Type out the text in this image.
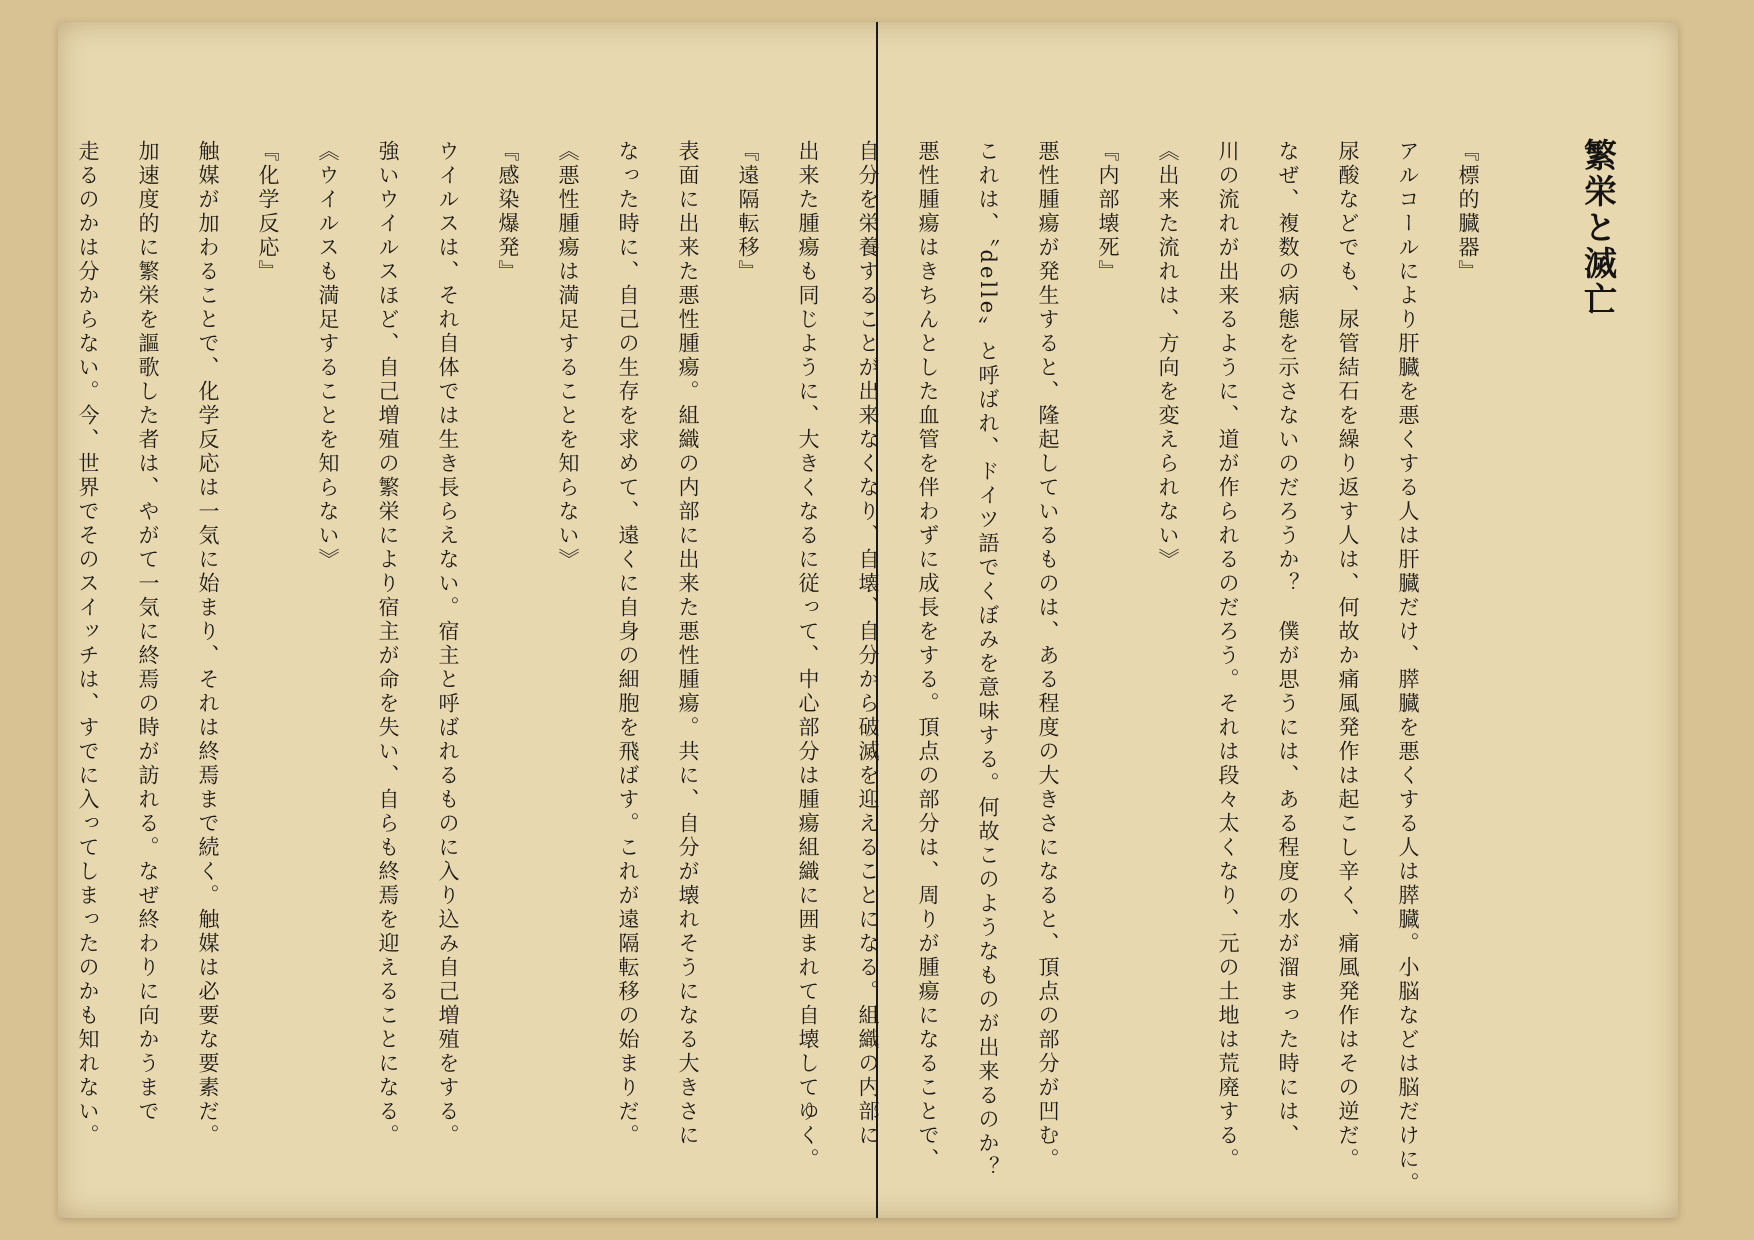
繁栄と滅亡
『標的臓器』
アルコールにより肝臓を悪くする人は肝臓だけ、膵臓を悪くする人は膵臓。小脳などは脳だけに。
尿酸などでも、尿管結石を繰り返す人は、何故か痛風発作は起こし辛く、痛風発作はその逆だ。
なぜ、複数の病態を示さないのだろうか？　僕が思うには、ある程度の水が溜まった時には、
川の流れが出来るように、道が作られるのだろう。それは段々太くなり、元の土地は荒廃する。
《出来た流れは、方向を変えられない》
『内部壊死』
悪性腫瘍が発生すると、隆起しているものは、ある程度の大きさになると、頂点の部分が凹む。
これは、〝delle〟と呼ばれ、ドイツ語でくぼみを意味する。何故このようなものが出来るのか？
悪性腫瘍はきちんとした血管を伴わずに成長をする。頂点の部分は、周りが腫瘍になることで、
自分を栄養することが出来なくなり、自壊、自分から破滅を迎えることになる。組織の内部に
出来た腫瘍も同じように、大きくなるに従って、中心部分は腫瘍組織に囲まれて自壊してゆく。
『遠隔転移』
表面に出来た悪性腫瘍。組織の内部に出来た悪性腫瘍。共に、自分が壊れそうになる大きさに
なった時に、自己の生存を求めて、遠くに自身の細胞を飛ばす。これが遠隔転移の始まりだ。
《悪性腫瘍は満足することを知らない》
『感染爆発』
ウイルスは、それ自体では生き長らえない。宿主と呼ばれるものに入り込み自己増殖をする。
強いウイルスほど、自己増殖の繁栄により宿主が命を失い、自らも終焉を迎えることになる。
《ウイルスも満足することを知らない》
『化学反応』
触媒が加わることで、化学反応は一気に始まり、それは終焉まで続く。触媒は必要な要素だ。
加速度的に繁栄を謳歌した者は、やがて一気に終焉の時が訪れる。なぜ終わりに向かうまで
走るのかは分からない。今、世界でそのスイッチは、すでに入ってしまったのかも知れない。
